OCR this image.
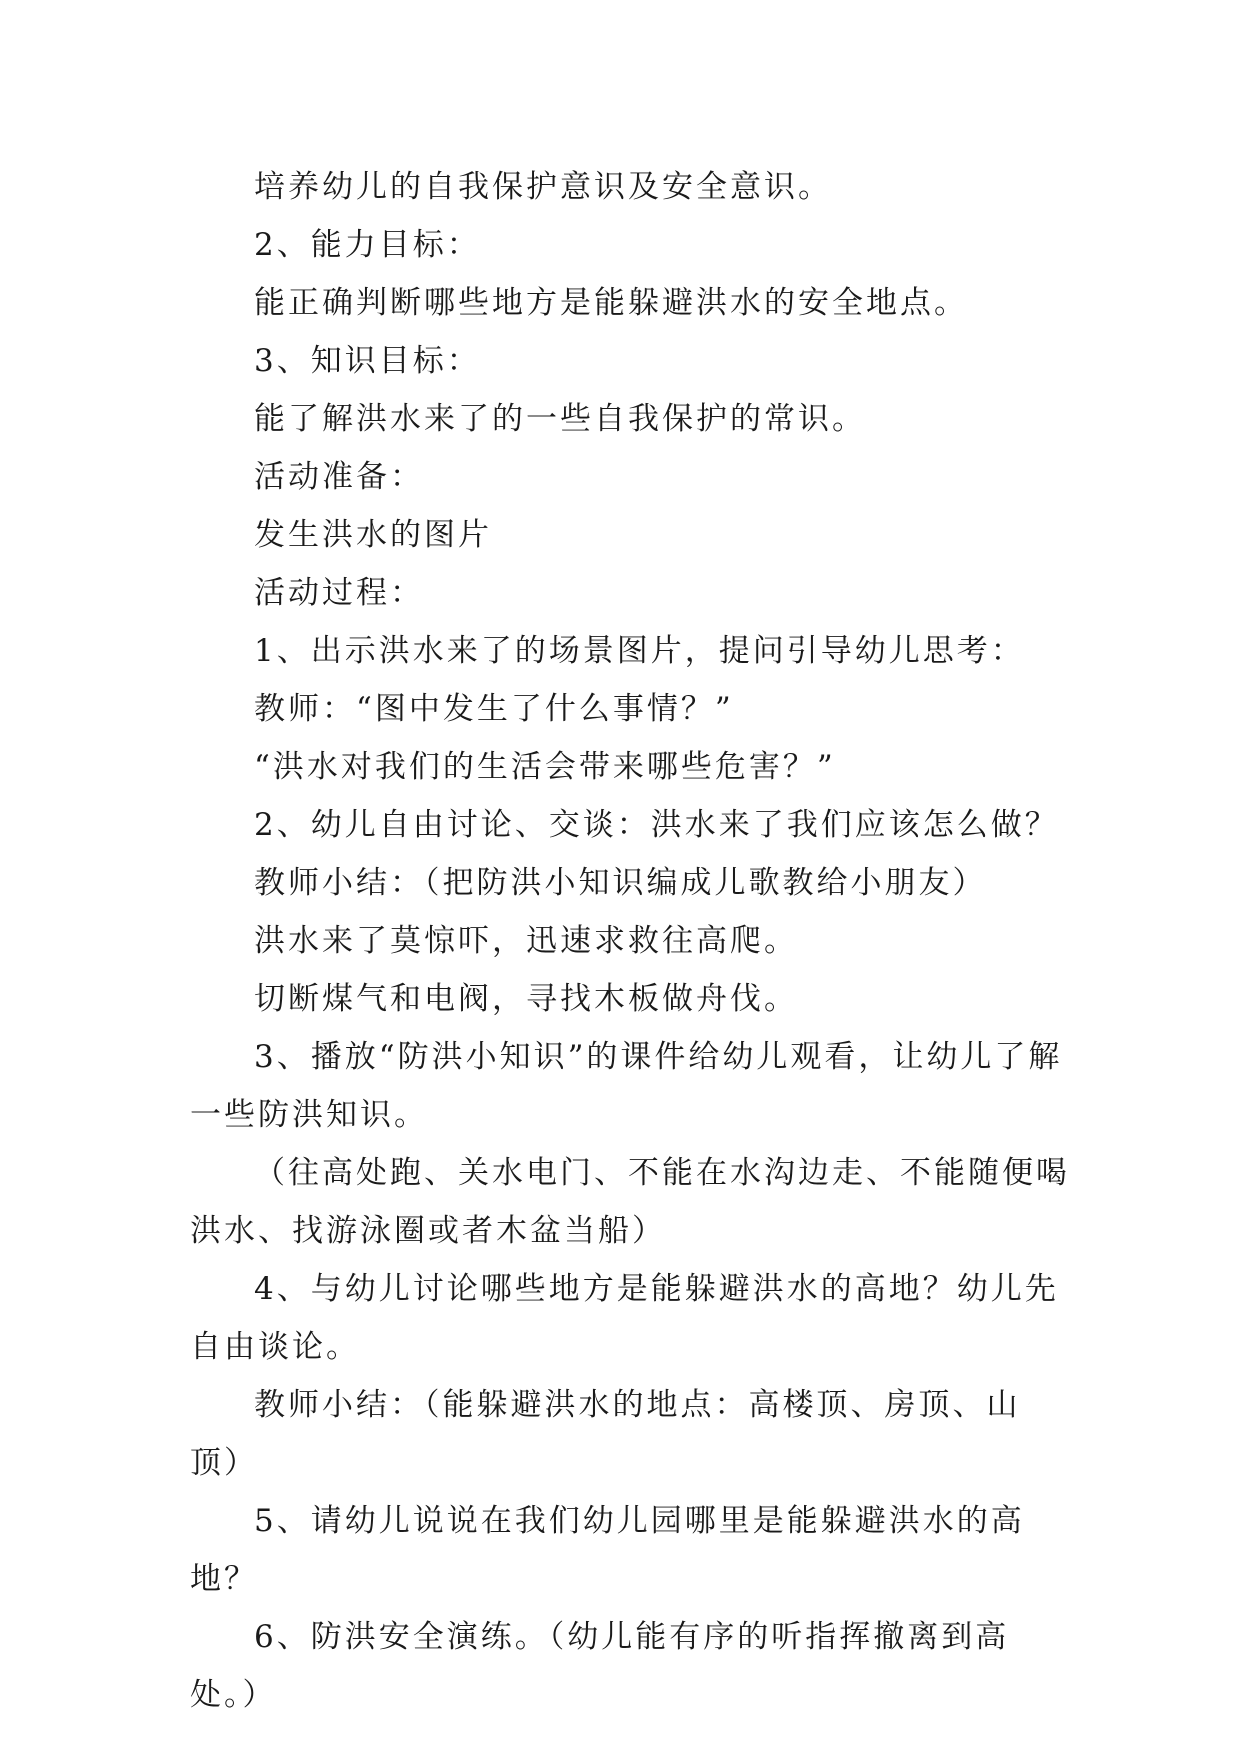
培养幼儿的自我保护意识及安全意识。

2、能力目标：

能正确判断哪些地方是能躲避洪水的安全地点。

3、知识目标：

能了解洪水来了的一些自我保护的常识。

活动准备：

发生洪水的图片

活动过程：

1、出示洪水来了的场景图片，提问引导幼儿思考：

教师：“图中发生了什么事情？”

“洪水对我们的生活会带来哪些危害？”

2、幼儿自由讨论、交谈：洪水来了我们应该怎么做？

教师小结：（把防洪小知识编成儿歌教给小朋友）

洪水来了莫惊吓，迅速求救往高爬。

切断煤气和电阀，寻找木板做舟伐。

3、播放“防洪小知识”的课件给幼儿观看，让幼儿了解一些防洪知识。

（往高处跑、关水电门、不能在水沟边走、不能随便喝洪水、找游泳圈或者木盆当船）

4、与幼儿讨论哪些地方是能躲避洪水的高地？幼儿先自由谈论。

教师小结：（能躲避洪水的地点：高楼顶、房顶、山顶）

5、请幼儿说说在我们幼儿园哪里是能躲避洪水的高地？

6、防洪安全演练。（幼儿能有序的听指挥撤离到高处。）
